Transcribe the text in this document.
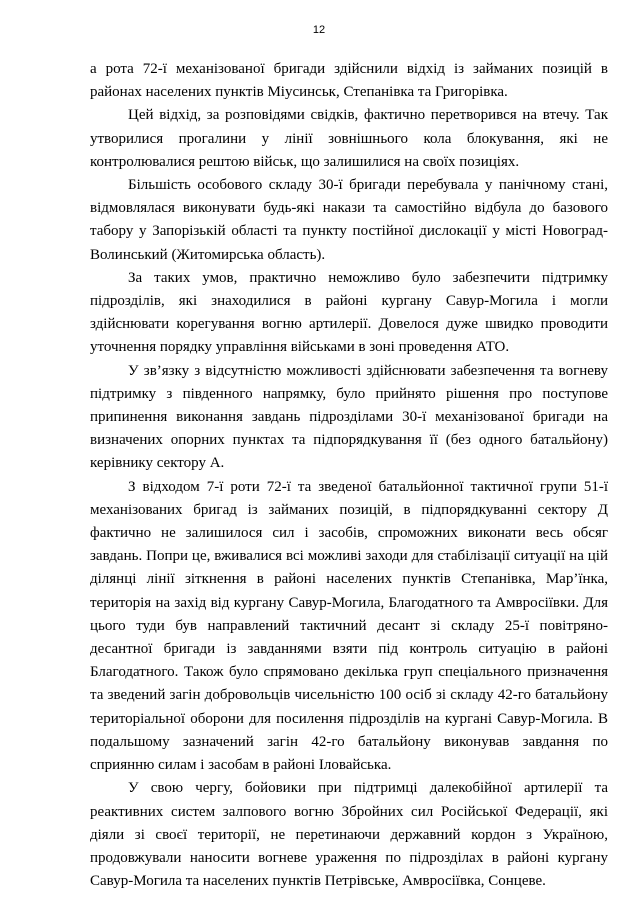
12

а рота 72-ї механізованої бригади здійснили відхід із займаних позицій в районах населених пунктів Міусинськ, Степанівка та Григорівка.

Цей відхід, за розповідями свідків, фактично перетворився на втечу. Так утворилися прогалини у лінії зовнішнього кола блокування, які не контролювалися рештою військ, що залишилися на своїх позиціях.

Більшість особового складу 30-ї бригади перебувала у панічному стані, відмовлялася виконувати будь-які накази та самостійно відбула до базового табору у Запорізькій області та пункту постійної дислокації у місті Новоград-Волинський (Житомирська область).

За таких умов, практично неможливо було забезпечити підтримку підрозділів, які знаходилися в районі кургану Савур-Могила і могли здійснювати корегування вогню артилерії. Довелося дуже швидко проводити уточнення порядку управління військами в зоні проведення АТО.

У зв’язку з відсутністю можливості здійснювати забезпечення та вогневу підтримку з південного напрямку, було прийнято рішення про поступове припинення виконання завдань підрозділами 30-ї механізованої бригади на визначених опорних пунктах та підпорядкування її (без одного батальйону) керівнику сектору А.

З відходом 7-ї роти 72-ї та зведеної батальйонної тактичної групи 51-ї механізованих бригад із займаних позицій, в підпорядкуванні сектору Д фактично не залишилося сил і засобів, спроможних виконати весь обсяг завдань. Попри це, вживалися всі можливі заходи для стабілізації ситуації на цій ділянці лінії зіткнення в районі населених пунктів Степанівка, Мар’їнка, територія на захід від кургану Савур-Могила, Благодатного та Амвросіївки. Для цього туди був направлений тактичний десант зі складу 25-ї повітряно-десантної бригади із завданнями взяти під контроль ситуацію в районі Благодатного. Також було спрямовано декілька груп спеціального призначення та зведений загін добровольців чисельністю 100 осіб зі складу 42-го батальйону територіальної оборони для посилення підрозділів на кургані Савур-Могила. В подальшому зазначений загін 42-го батальйону виконував завдання по сприянню силам і засобам в районі Іловайська.

У свою чергу, бойовики при підтримці далекобійної артилерії та реактивних систем залпового вогню Збройних сил Російської Федерації, які діяли зі своєї території, не перетинаючи державний кордон з Україною, продовжували наносити вогневе ураження по підрозділах в районі кургану Савур-Могила та населених пунктів Петрівське, Амвросіївка, Сонцеве.
